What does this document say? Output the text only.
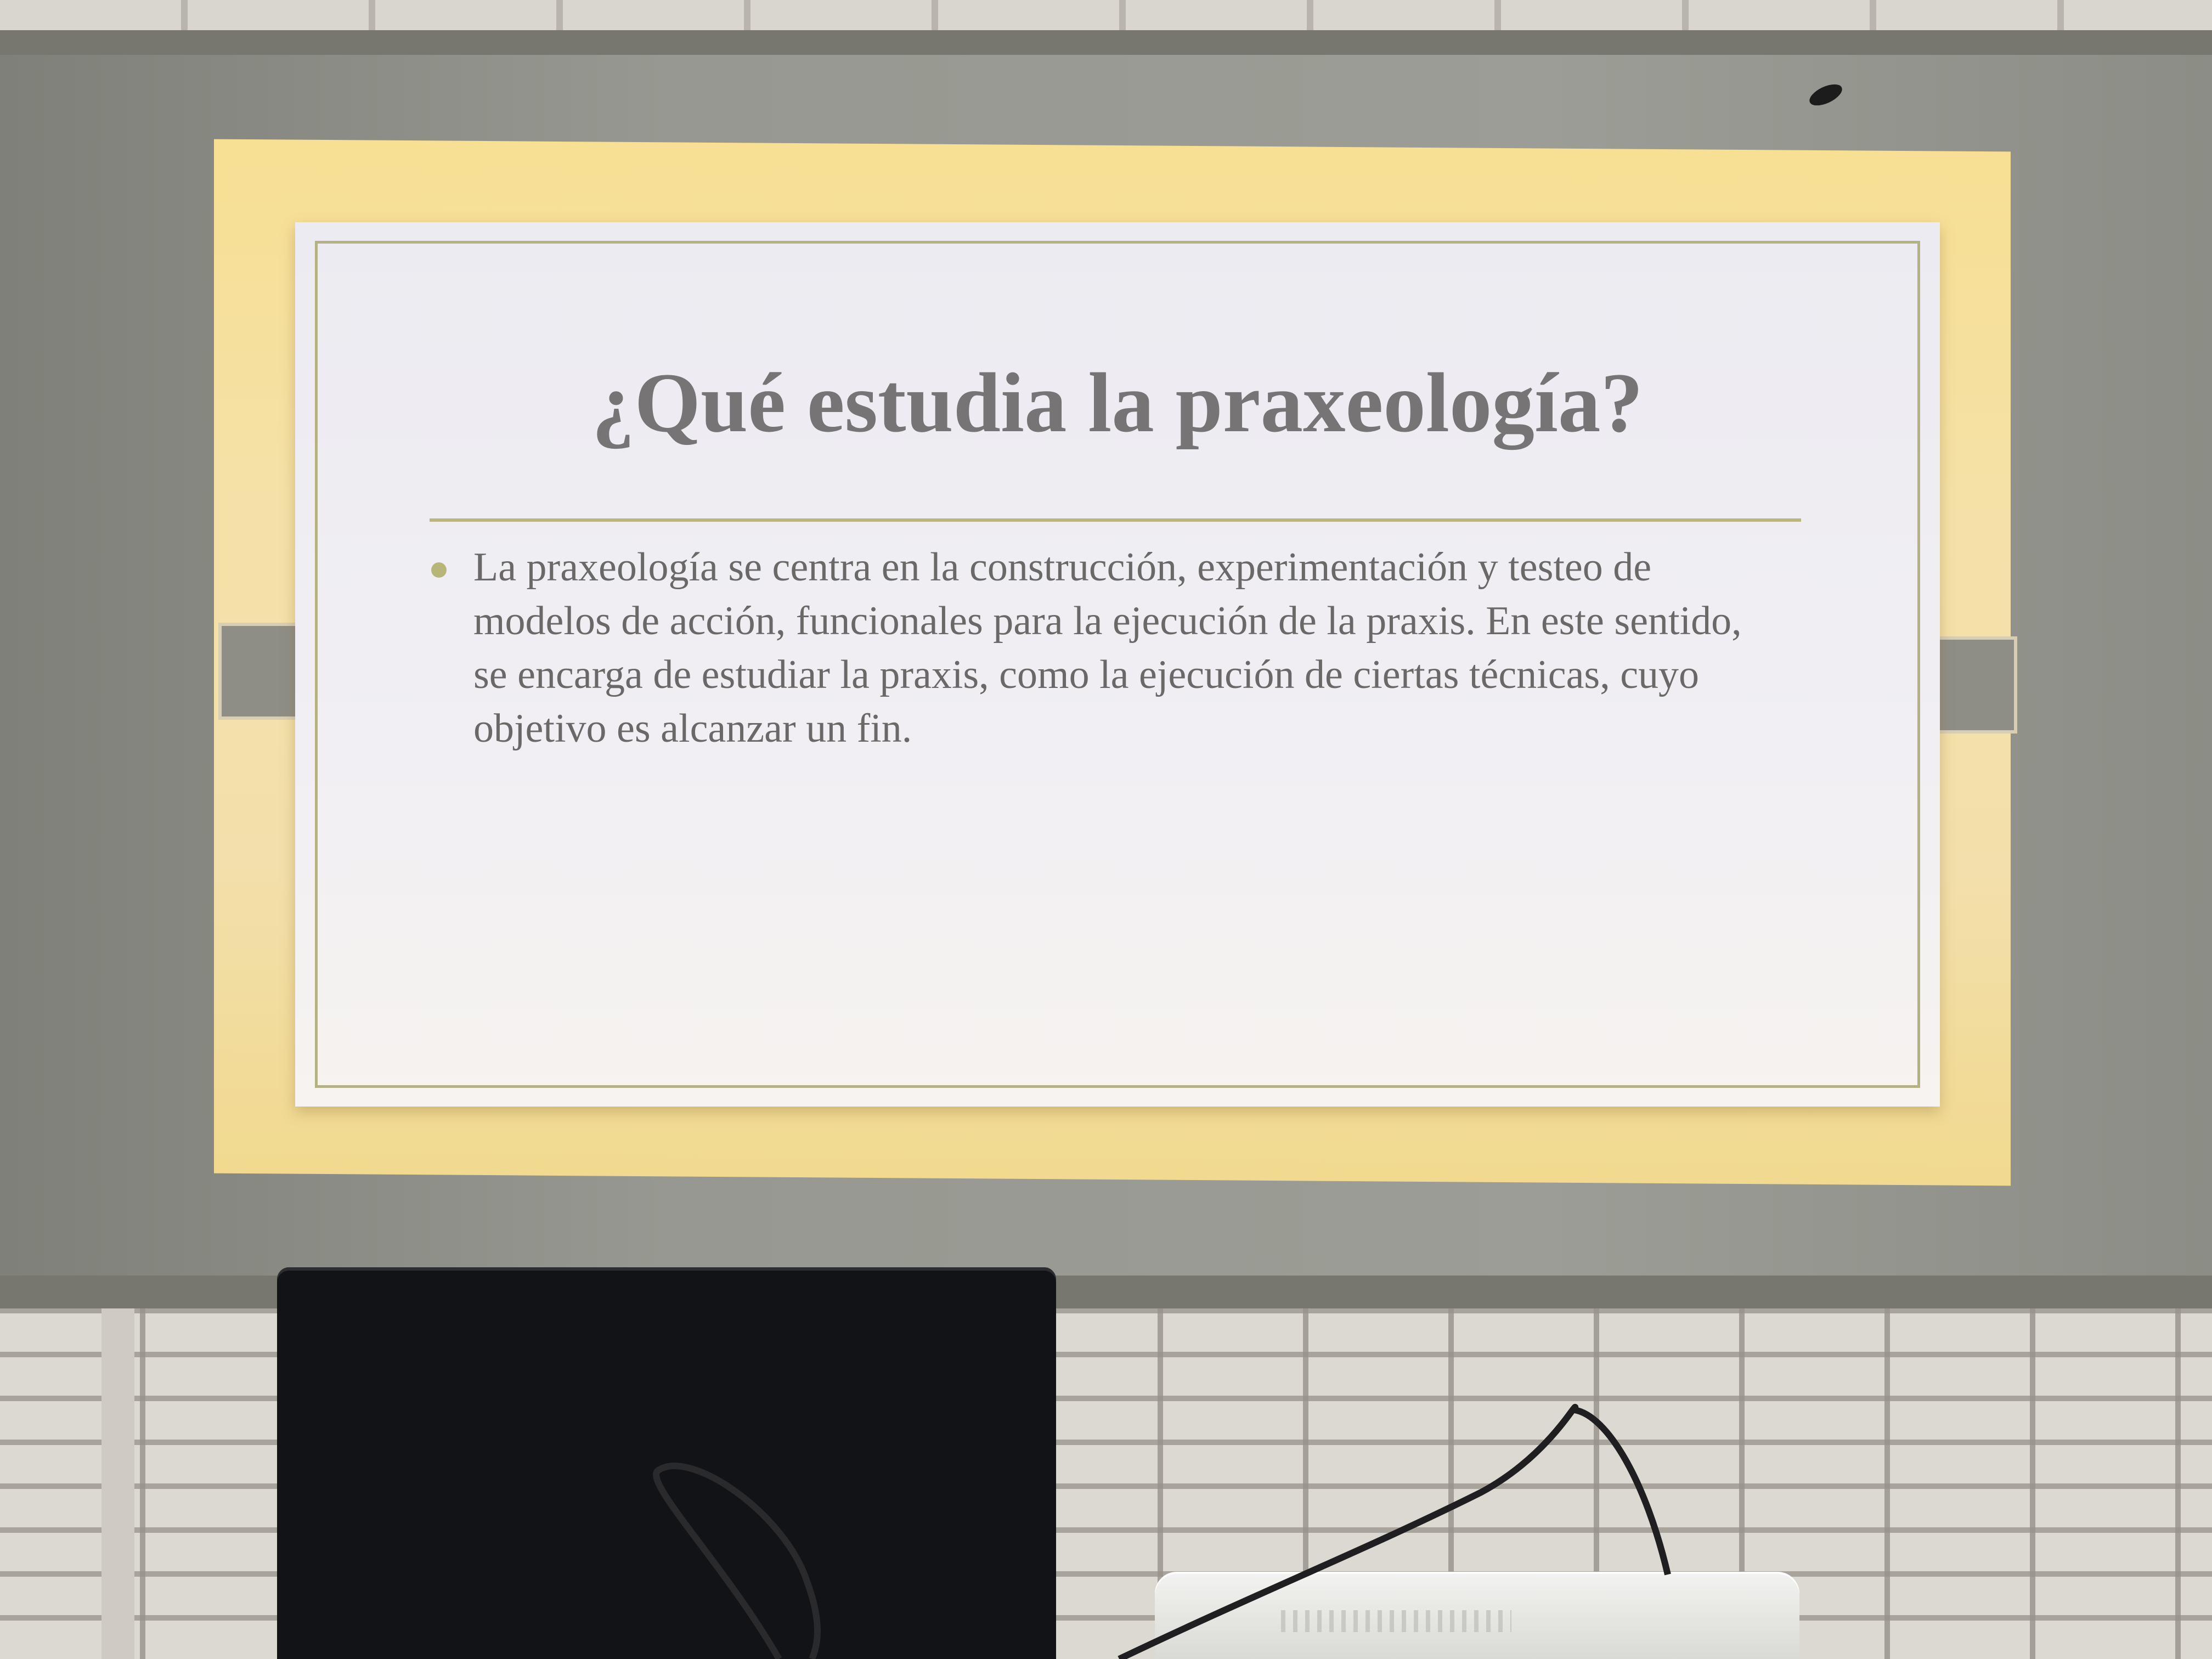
¿Qué estudia la praxeología?
La praxeología se centra en la construcción, experimentación y testeo de
modelos de acción, funcionales para la ejecución de la praxis. En este sentido,
se encarga de estudiar la praxis, como la ejecución de ciertas técnicas, cuyo
objetivo es alcanzar un fin.
